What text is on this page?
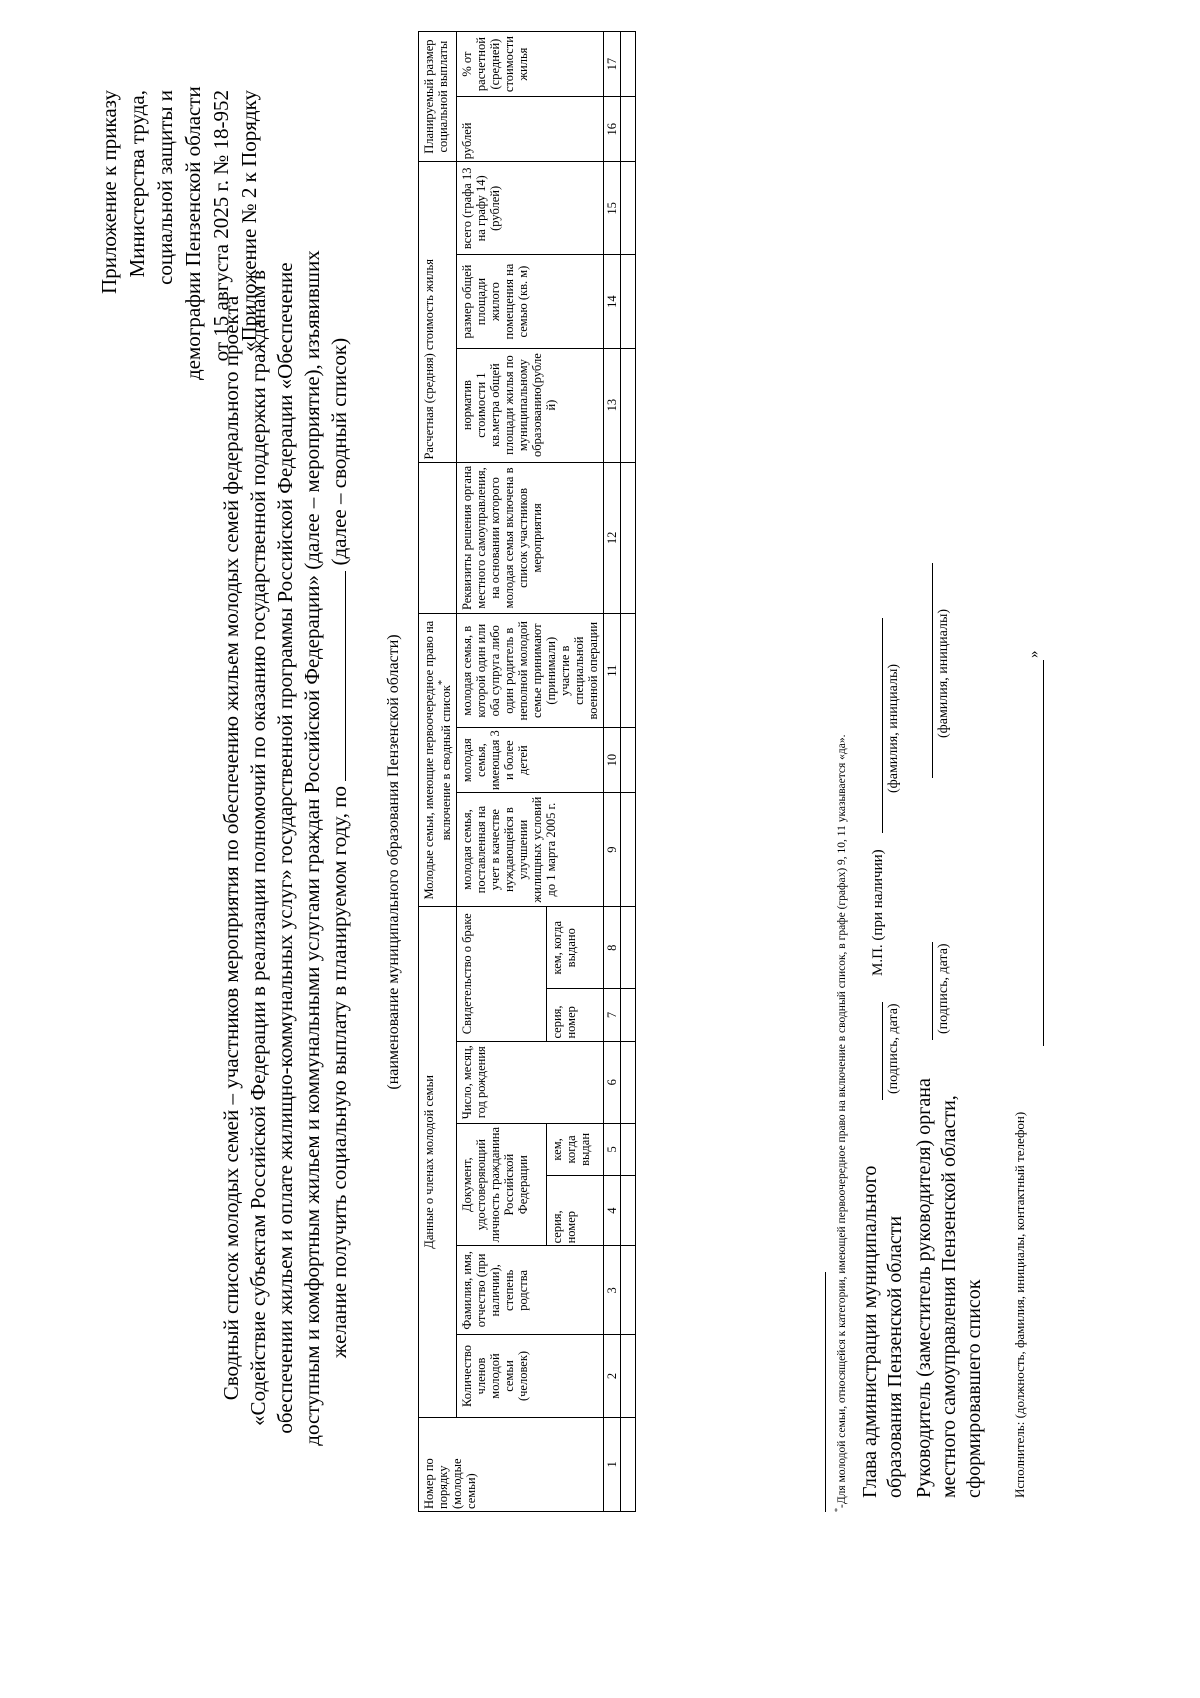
Приложение к приказу Министерства труда, социальной защиты и демографии Пензенской области от 15 августа 2025 г. № 18-952 «Приложение № 2 к Порядку
Сводный список молодых семей – участников мероприятия по обеспечению жильем молодых семей федерального проекта «Содействие субъектам Российской Федерации в реализации полномочий по оказанию государственной поддержки гражданам в обеспечении жильем и оплате жилищно-коммунальных услуг» государственной программы Российской Федерации «Обеспечение доступным и комфортным жильем и коммунальными услугами граждан Российской Федерации» (далее – мероприятие), изъявивших желание получить социальную выплату в планируемом году, по  (далее – сводный список)
(наименование муниципального образования Пензенской области)
Номер по порядку (молодые семьи)	Данные о членах молодой семьи							Молодые семьи, имеющие первоочередное право на включение в сводный список*				Расчетная (средняя) стоимость жилья			Планируемый размер социальной выплаты	
	Количество членов молодой семьи (человек)	Фамилия, имя, отчество (при наличии), степень родства	Документ, удостоверяющий личность гражданина Российской Федерации		Число, месяц, год рождения	Свидетельство о браке		молодая семья, поставленная на учет в качестве нуждающейся в улучшении жилищных условий до 1 марта 2005 г.	молодая семья, имеющая 3 и более детей	молодая семья, в которой один или оба супруга либо один родитель в неполной молодой семье принимают (принимали) участие в специальной военной операции	Реквизиты решения органа местного самоуправления, на основании которого молодая семья включена в список участников мероприятия	норматив стоимости 1 кв.метра общей площади жилья по муниципальному образованию(рублей)	размер общей площади жилого помещения на семью (кв. м)	всего (графа 13 на графу 14) (рублей)	рублей	% от расчетной (средней) стоимости жилья
			серия, номер	кем, когда выдан		серия, номер	кем, когда выдано									
1	2	3	4	5	6	7	8	9	10	11	12	13	14	15	16	17

*-Для молодой семьи, относящейся к категории, имеющей первоочередное право на включение в сводный список, в графе (графах) 9, 10, 11 указывается «да». Глава администрации муниципального образования Пензенской области
(подпись, дата)
М.П. (при наличии)
(фамилия, инициалы)
Руководитель (заместитель руководителя) органа местного самоуправления Пензенской области, сформировавшего список
(подпись, дата)
(фамилия, инициалы)
Исполнитель: (должность, фамилия, инициалы, контактный телефон)
»
